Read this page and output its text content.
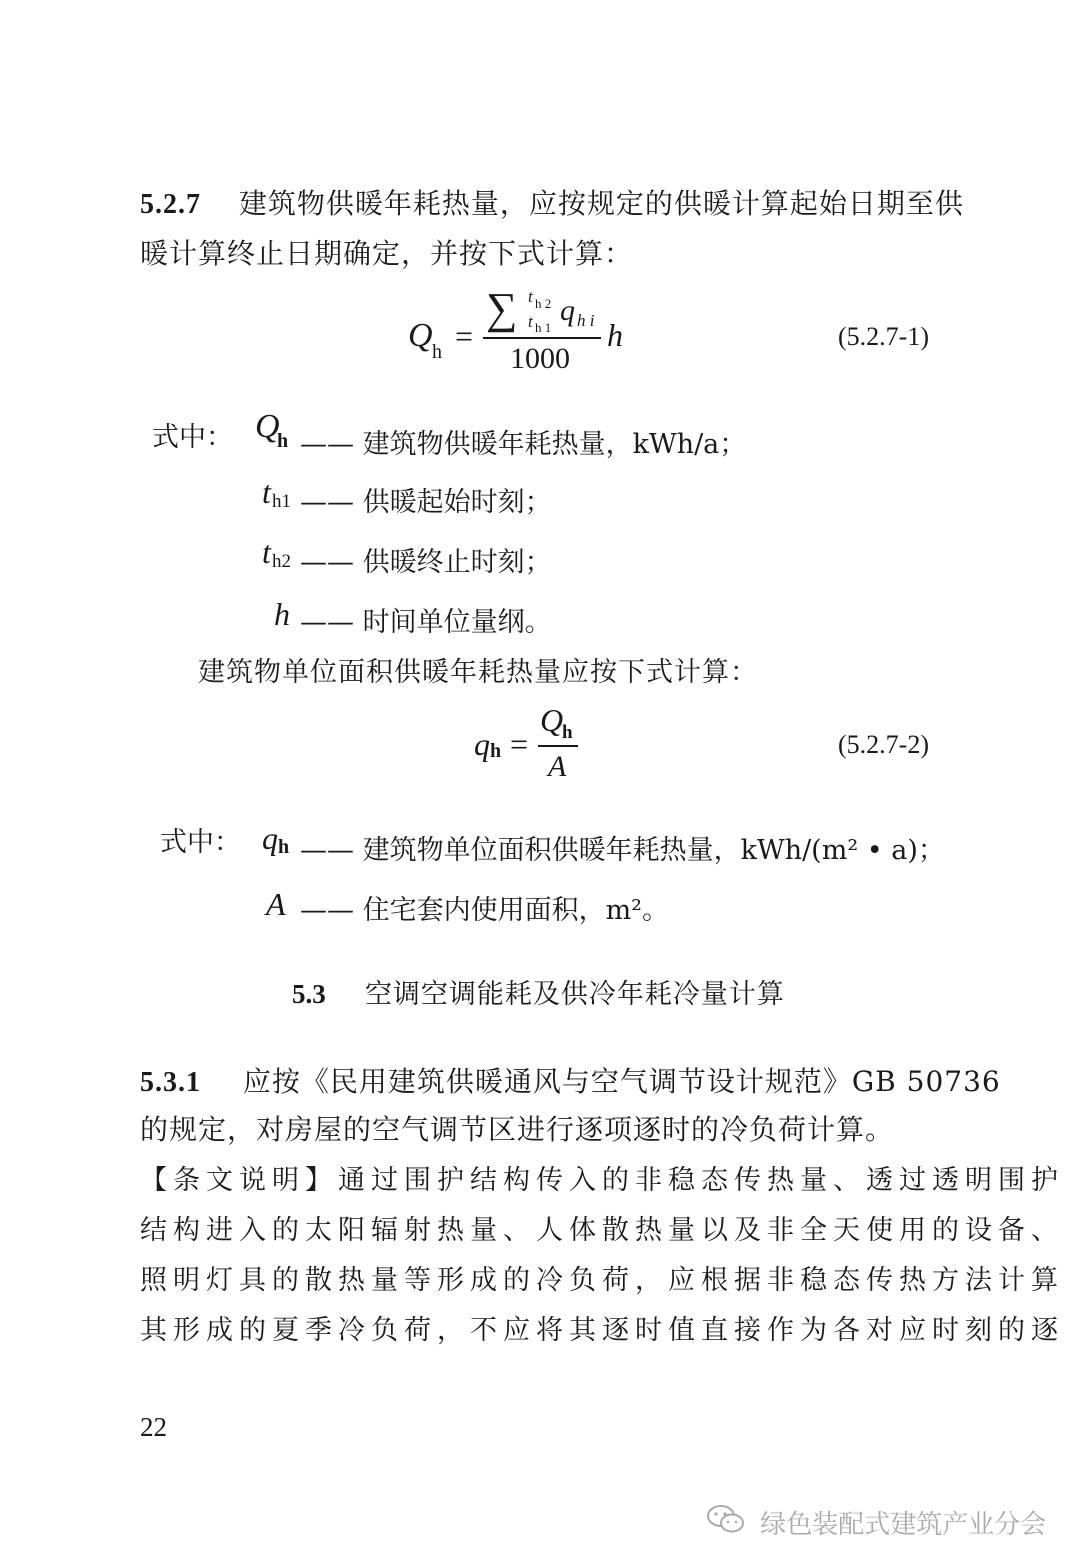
5.2.7 建筑物供暖年耗热量，应按规定的供暖计算起始日期至供
暖计算终止日期确定，并按下式计算：
Q h =
∑ t h 2
t h 1
q h i
1000
h	(5.2.7-1)
式中： Q
h —— 建筑物供暖年耗热量，kWh/a；
t h1 —— 供暖起始时刻；
t h2 —— 供暖终止时刻；
h —— 时间单位量纲。
建筑物单位面积供暖年耗热量应按下式计算：
q h =
Q
h
A
(5.2.7-2)
式中： q h —— 建筑物单位面积供暖年耗热量，kWh/(m² • a)；
A —— 住宅套内使用面积，m²。
5.3 空调空调能耗及供冷年耗冷量计算
5.3.1 应按《民用建筑供暖通风与空气调节设计规范》GB 50736
的规定，对房屋的空气调节区进行逐项逐时的冷负荷计算。
【条文说明】通过围护结构传入的非稳态传热量、透过透明围护
结构进入的太阳辐射热量、人体散热量以及非全天使用的设备、
照明灯具的散热量等形成的冷负荷，应根据非稳态传热方法计算
其形成的夏季冷负荷，不应将其逐时值直接作为各对应时刻的逐
22
绿色装配式建筑产业分会
